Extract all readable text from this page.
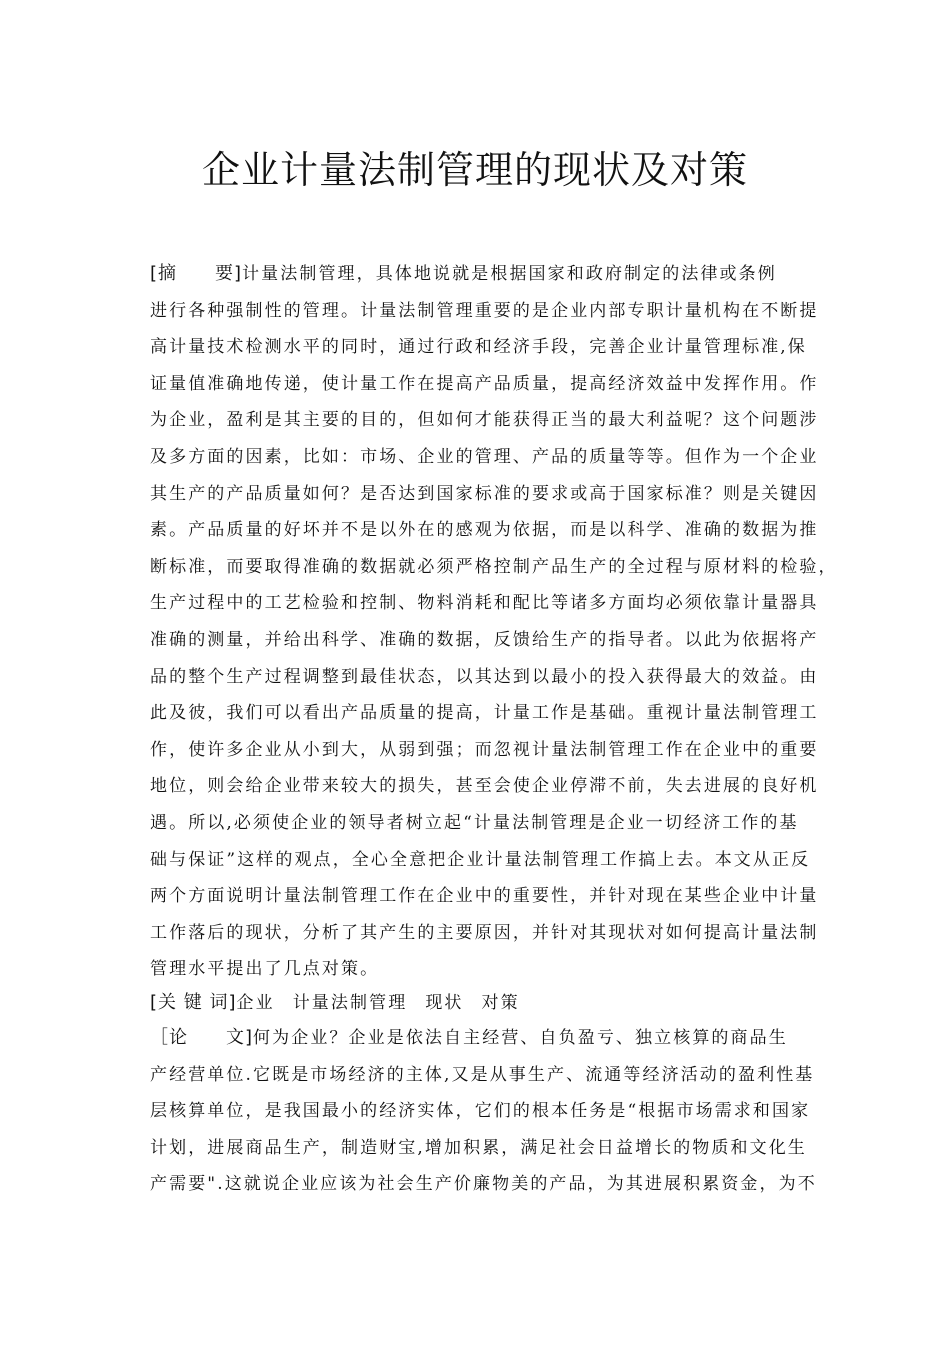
企业计量法制管理的现状及对策
[摘　　要]计量法制管理，具体地说就是根据国家和政府制定的法律或条例
进行各种强制性的管理。计量法制管理重要的是企业内部专职计量机构在不断提
高计量技术检测水平的同时，通过行政和经济手段，完善企业计量管理标准,保
证量值准确地传递，使计量工作在提高产品质量，提高经济效益中发挥作用。作
为企业，盈利是其主要的目的，但如何才能获得正当的最大利益呢？这个问题涉
及多方面的因素，比如：市场、企业的管理、产品的质量等等。但作为一个企业
其生产的产品质量如何？是否达到国家标准的要求或高于国家标准？则是关键因
素。产品质量的好坏并不是以外在的感观为依据，而是以科学、准确的数据为推
断标准，而要取得准确的数据就必须严格控制产品生产的全过程与原材料的检验，
生产过程中的工艺检验和控制、物料消耗和配比等诸多方面均必须依靠计量器具
准确的测量，并给出科学、准确的数据，反馈给生产的指导者。以此为依据将产
品的整个生产过程调整到最佳状态，以其达到以最小的投入获得最大的效益。由
此及彼，我们可以看出产品质量的提高，计量工作是基础。重视计量法制管理工
作，使许多企业从小到大，从弱到强；而忽视计量法制管理工作在企业中的重要
地位，则会给企业带来较大的损失，甚至会使企业停滞不前，失去进展的良好机
遇。所以,必须使企业的领导者树立起“计量法制管理是企业一切经济工作的基
础与保证”这样的观点，全心全意把企业计量法制管理工作搞上去。本文从正反
两个方面说明计量法制管理工作在企业中的重要性，并针对现在某些企业中计量
工作落后的现状，分析了其产生的主要原因，并针对其现状对如何提高计量法制
管理水平提出了几点对策。
[关 键 词]企业 计量法制管理 现状 对策
［论　　文]何为企业？企业是依法自主经营、自负盈亏、独立核算的商品生
产经营单位.它既是市场经济的主体,又是从事生产、流通等经济活动的盈利性基
层核算单位，是我国最小的经济实体，它们的根本任务是“根据市场需求和国家
计划，进展商品生产，制造财宝,增加积累，满足社会日益增长的物质和文化生
产需要".这就说企业应该为社会生产价廉物美的产品，为其进展积累资金，为不
